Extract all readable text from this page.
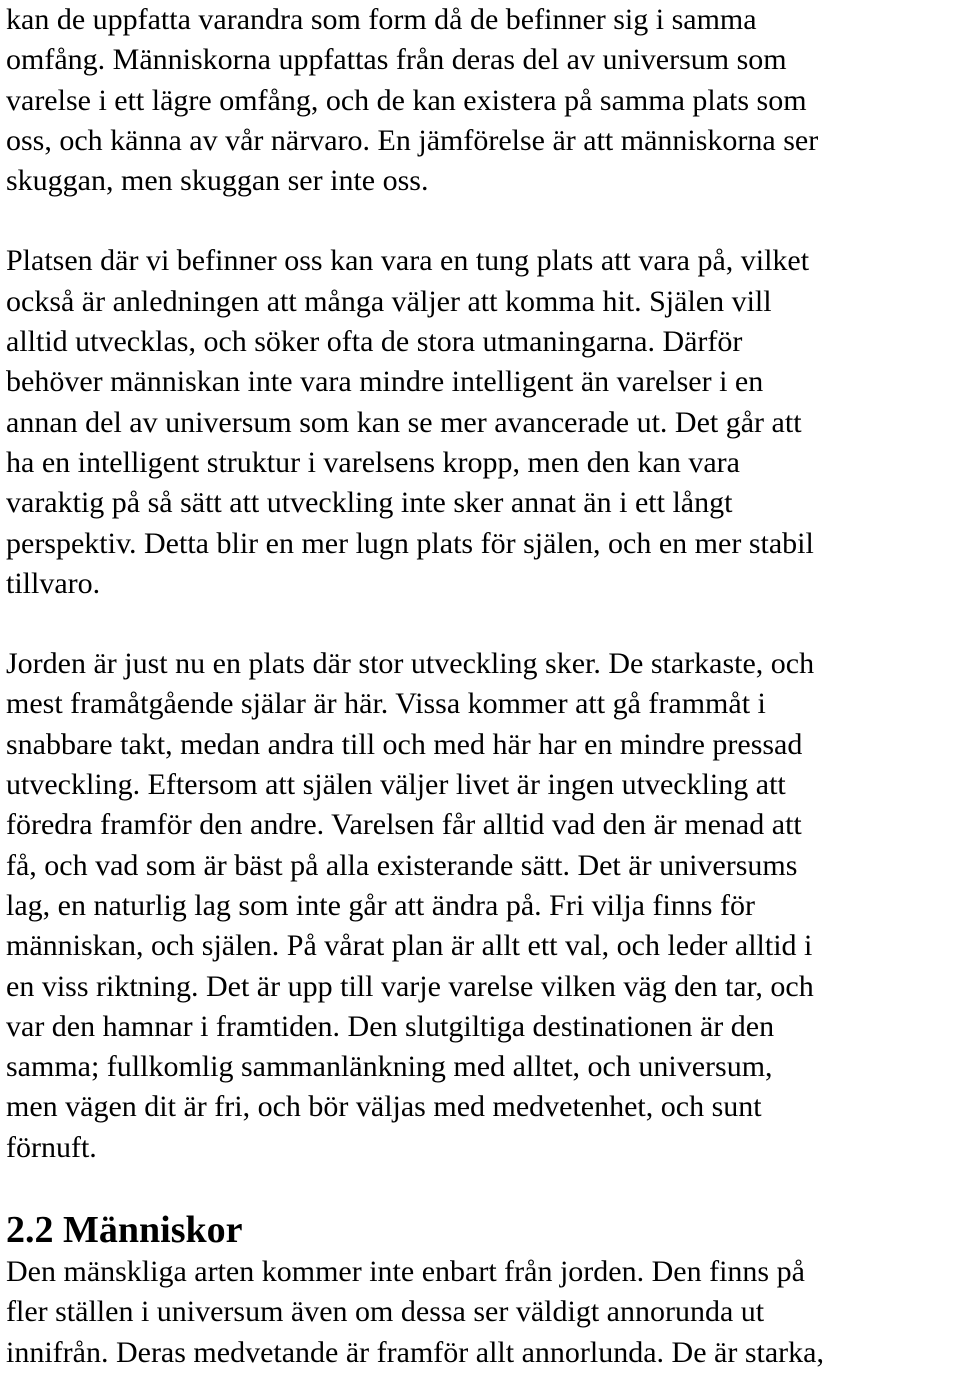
kan de uppfatta varandra som form då de befinner sig i samma

omfång. Människorna uppfattas från deras del av universum som

varelse i ett lägre omfång, och de kan existera på samma plats som

oss, och känna av vår närvaro. En jämförelse är att människorna ser

skuggan, men skuggan ser inte oss.

Platsen där vi befinner oss kan vara en tung plats att vara på, vilket

också är anledningen att många väljer att komma hit. Själen vill

alltid utvecklas, och söker ofta de stora utmaningarna. Därför

behöver människan inte vara mindre intelligent än varelser i en

annan del av universum som kan se mer avancerade ut. Det går att

ha en intelligent struktur i varelsens kropp, men den kan vara

varaktig på så sätt att utveckling inte sker annat än i ett långt

perspektiv. Detta blir en mer lugn plats för själen, och en mer stabil

tillvaro.

Jorden är just nu en plats där stor utveckling sker. De starkaste, och

mest framåtgående själar är här. Vissa kommer att gå frammåt i

snabbare takt, medan andra till och med här har en mindre pressad

utveckling. Eftersom att själen väljer livet är ingen utveckling att

föredra framför den andre. Varelsen får alltid vad den är menad att

få, och vad som är bäst på alla existerande sätt. Det är universums

lag, en naturlig lag som inte går att ändra på. Fri vilja finns för

människan, och själen. På vårat plan är allt ett val, och leder alltid i

en viss riktning. Det är upp till varje varelse vilken väg den tar, och

var den hamnar i framtiden. Den slutgiltiga destinationen är den

samma; fullkomlig sammanlänkning med alltet, och universum,

men vägen dit är fri, och bör väljas med medvetenhet, och sunt

förnuft.

2.2 Människor

Den mänskliga arten kommer inte enbart från jorden. Den finns på

fler ställen i universum även om dessa ser väldigt annorunda ut

innifrån. Deras medvetande är framför allt annorlunda. De är starka,
